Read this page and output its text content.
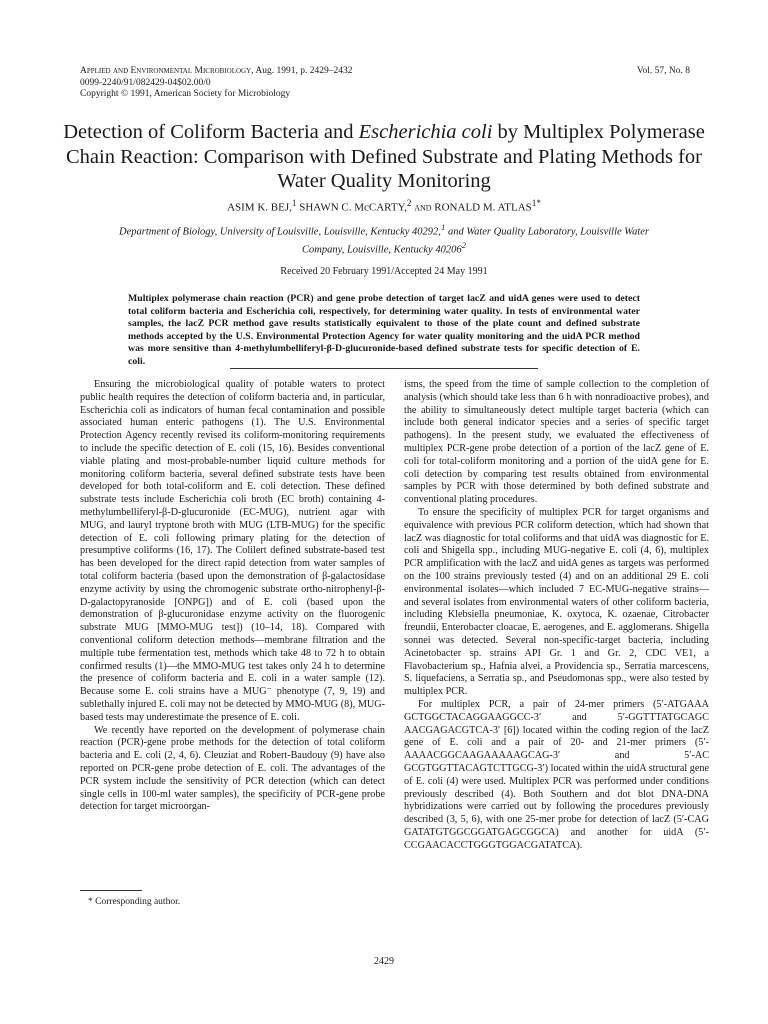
Applied and Environmental Microbiology, Aug. 1991, p. 2429–2432
0099-2240/91/082429-04$02.00/0
Copyright © 1991, American Society for Microbiology
Vol. 57, No. 8
Detection of Coliform Bacteria and Escherichia coli by Multiplex Polymerase Chain Reaction: Comparison with Defined Substrate and Plating Methods for Water Quality Monitoring
ASIM K. BEJ,$^1$ SHAWN C. McCARTY,$^2$ and RONALD M. $ATLAS^{1*}$
Department of Biology, University of Louisville, Louisville, Kentucky 40292,$^1$ and Water Quality Laboratory, Louisville Water Company, Louisville, Kentucky 40206$^2$
Received 20 February 1991/Accepted 24 May 1991
Multiplex polymerase chain reaction (PCR) and gene probe detection of target lacZ and uidA genes were used to detect total coliform bacteria and Escherichia coli, respectively, for determining water quality. In tests of environmental water samples, the lacZ PCR method gave results statistically equivalent to those of the plate count and defined substrate methods accepted by the U.S. Environmental Protection Agency for water quality monitoring and the uidA PCR method was more sensitive than 4-methylumbelliferyl-β-D-glucuronide-based defined substrate tests for specific detection of E. coli.

Ensuring the microbiological quality of potable waters to protect public health requires the detection of coliform bacteria and, in particular, Escherichia coli as indicators of human fecal contamination and possible associated human enteric pathogens (1). The U.S. Environmental Protection Agency recently revised its coliform-monitoring requirements to include the specific detection of E. coli (15, 16). Besides conventional viable plating and most-probable-number liquid culture methods for monitoring coliform bacteria, several defined substrate tests have been developed for both total-coliform and E. coli detection. These defined substrate tests include Escherichia coli broth (EC broth) containing 4-methylumbelliferyl-β-D-glucuronide (EC-MUG), nutrient agar with MUG, and lauryl tryptone broth with MUG (LTB-MUG) for the specific detection of E. coli following primary plating for the detection of presumptive coliforms (16, 17). The Colilert defined substrate-based test has been developed for the direct rapid detection from water samples of total coliform bacteria (based upon the demonstration of β-galactosidase enzyme activity by using the chromogenic substrate ortho-nitrophenyl-β-D-galactopyranoside [ONPG]) and of E. coli (based upon the demonstration of β-glucuronidase enzyme activity on the fluorogenic substrate MUG [MMO-MUG test]) (10–14, 18). Compared with conventional coliform detection methods—membrane filtration and the multiple tube fermentation test, methods which take 48 to 72 h to obtain confirmed results (1)—the MMO-MUG test takes only 24 h to determine the presence of coliform bacteria and E. coli in a water sample (12). Because some E. coli strains have a MUG⁻ phenotype (7, 9, 19) and sublethally injured E. coli may not be detected by MMO-MUG (8), MUG-based tests may underestimate the presence of E. coli.

We recently have reported on the development of polymerase chain reaction (PCR)-gene probe methods for the detection of total coliform bacteria and E. coli (2, 4, 6). Cleuziat and Robert-Baudouy (9) have also reported on PCR-gene probe detection of E. coli. The advantages of the PCR system include the sensitivity of PCR detection (which can detect single cells in 100-ml water samples), the specificity of PCR-gene probe detection for target microorgan-

isms, the speed from the time of sample collection to the completion of analysis (which should take less than 6 h with nonradioactive probes), and the ability to simultaneously detect multiple target bacteria (which can include both general indicator species and a series of specific target pathogens). In the present study, we evaluated the effectiveness of multiplex PCR-gene probe detection of a portion of the lacZ gene of E. coli for total-coliform monitoring and a portion of the uidA gene for E. coli detection by comparing test results obtained from environmental samples by PCR with those determined by both defined substrate and conventional plating procedures.

To ensure the specificity of multiplex PCR for target organisms and equivalence with previous PCR coliform detection, which had shown that lacZ was diagnostic for total coliforms and that uidA was diagnostic for E. coli and Shigella spp., including MUG-negative E. coli (4, 6), multiplex PCR amplification with the lacZ and uidA genes as targets was performed on the 100 strains previously tested (4) and on an additional 29 E. coli environmental isolates—which included 7 EC-MUG-negative strains—and several isolates from environmental waters of other coliform bacteria, including Klebsiella pneumoniae, K. oxytoca, K. ozaenae, Citrobacter freundii, Enterobacter cloacae, E. aerogenes, and E. agglomerans. Shigella sonnei was detected. Several non-specific-target bacteria, including Acinetobacter sp. strains API Gr. 1 and Gr. 2, CDC VE1, a Flavobacterium sp., Hafnia alvei, a Providencia sp., Serratia marcescens, S. liquefaciens, a Serratia sp., and Pseudomonas spp., were also tested by multiplex PCR.

For multiplex PCR, a pair of 24-mer primers (5′-ATGAAA GCTGGCTACAGGAAGGCC-3′ and 5′-GGTTTATGCAGC AACGAGACGTCA-3′ [6]) located within the coding region of the lacZ gene of E. coli and a pair of 20- and 21-mer primers (5′-AAAACGGCAAGAAAAAGCAG-3′ and 5′-AC GCGTGGTTACAGTCTTGCG-3′) located within the uidA structural gene of E. coli (4) were used. Multiplex PCR was performed under conditions previously described (4). Both Southern and dot blot DNA-DNA hybridizations were carried out by following the procedures previously described (3, 5, 6), with one 25-mer probe for detection of lacZ (5′-CAG GATATGTGGCGGATGAGCGGCA) and another for uidA (5′-CCGAACACCTGGGTGGACGATATCA).

* Corresponding author.
2429
